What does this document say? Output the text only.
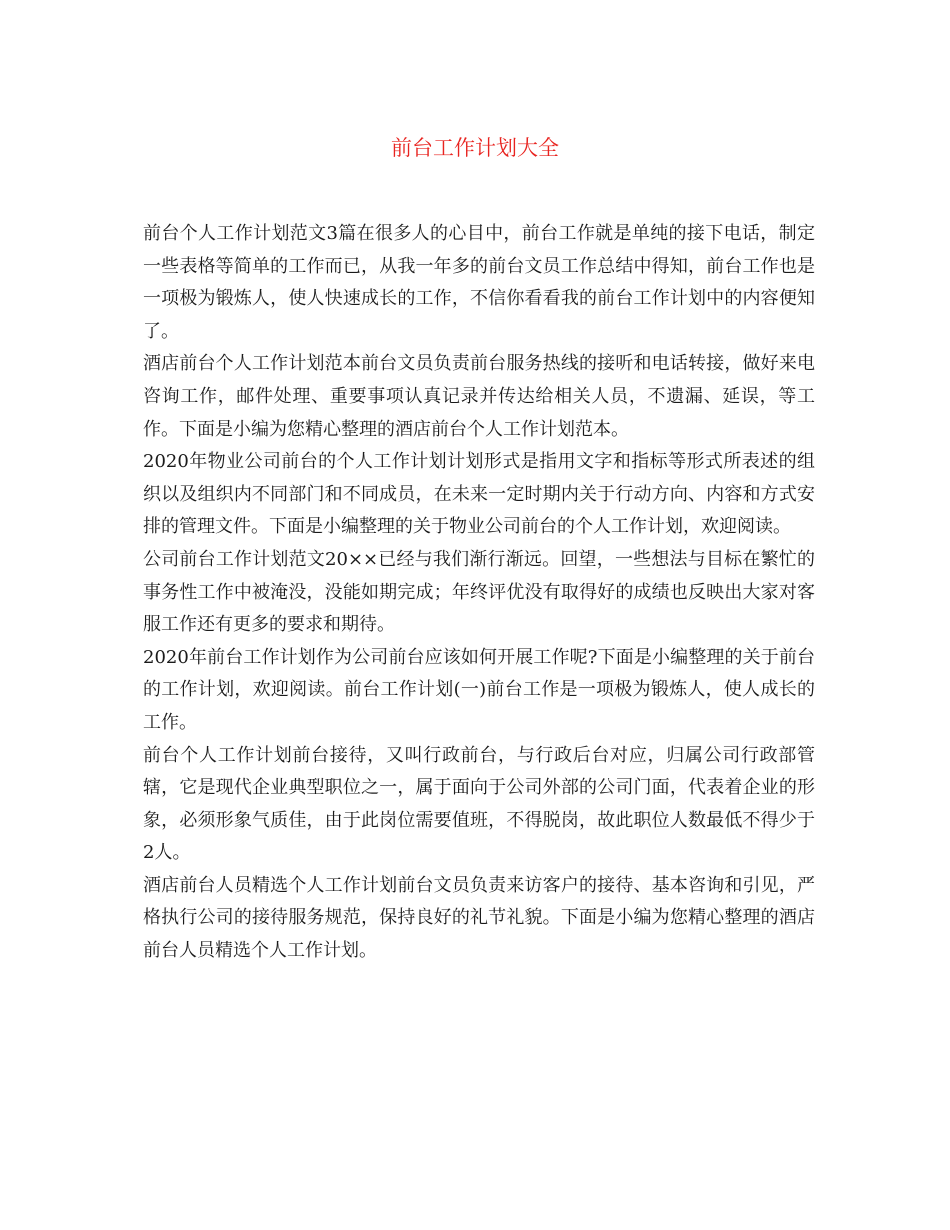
前台工作计划大全

前台个人工作计划范文3篇在很多人的心目中，前台工作就是单纯的接下电话，制定一些表格等简单的工作而已，从我一年多的前台文员工作总结中得知，前台工作也是一项极为锻炼人，使人快速成长的工作，不信你看看我的前台工作计划中的内容便知了。

酒店前台个人工作计划范本前台文员负责前台服务热线的接听和电话转接，做好来电咨询工作，邮件处理、重要事项认真记录并传达给相关人员，不遗漏、延误，等工作。下面是小编为您精心整理的酒店前台个人工作计划范本。

2020年物业公司前台的个人工作计划计划形式是指用文字和指标等形式所表述的组织以及组织内不同部门和不同成员，在未来一定时期内关于行动方向、内容和方式安排的管理文件。下面是小编整理的关于物业公司前台的个人工作计划，欢迎阅读。

公司前台工作计划范文20××已经与我们渐行渐远。回望，一些想法与目标在繁忙的事务性工作中被淹没，没能如期完成；年终评优没有取得好的成绩也反映出大家对客服工作还有更多的要求和期待。

2020年前台工作计划作为公司前台应该如何开展工作呢?下面是小编整理的关于前台的工作计划，欢迎阅读。前台工作计划(一)前台工作是一项极为锻炼人，使人成长的工作。

前台个人工作计划前台接待，又叫行政前台，与行政后台对应，归属公司行政部管辖，它是现代企业典型职位之一，属于面向于公司外部的公司门面，代表着企业的形象，必须形象气质佳，由于此岗位需要值班，不得脱岗，故此职位人数最低不得少于2人。

酒店前台人员精选个人工作计划前台文员负责来访客户的接待、基本咨询和引见，严格执行公司的接待服务规范，保持良好的礼节礼貌。下面是小编为您精心整理的酒店前台人员精选个人工作计划。
